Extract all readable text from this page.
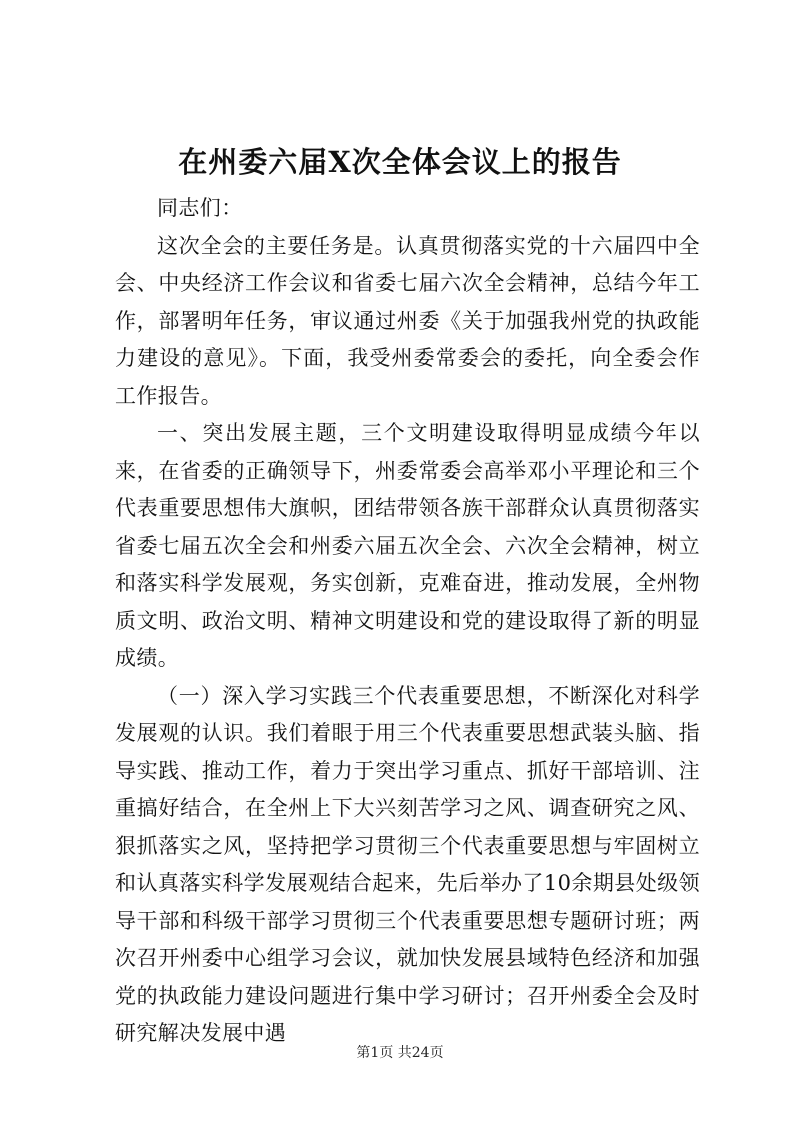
在州委六届X次全体会议上的报告

同志们：

这次全会的主要任务是。认真贯彻落实党的十六届四中全会、中央经济工作会议和省委七届六次全会精神，总结今年工作，部署明年任务，审议通过州委《关于加强我州党的执政能力建设的意见》。下面，我受州委常委会的委托，向全委会作工作报告。

一、突出发展主题，三个文明建设取得明显成绩今年以来，在省委的正确领导下，州委常委会高举邓小平理论和三个代表重要思想伟大旗帜，团结带领各族干部群众认真贯彻落实省委七届五次全会和州委六届五次全会、六次全会精神，树立和落实科学发展观，务实创新，克难奋进，推动发展，全州物质文明、政治文明、精神文明建设和党的建设取得了新的明显成绩。

（一）深入学习实践三个代表重要思想，不断深化对科学发展观的认识。我们着眼于用三个代表重要思想武装头脑、指导实践、推动工作，着力于突出学习重点、抓好干部培训、注重搞好结合，在全州上下大兴刻苦学习之风、调查研究之风、狠抓落实之风，坚持把学习贯彻三个代表重要思想与牢固树立和认真落实科学发展观结合起来，先后举办了10余期县处级领导干部和科级干部学习贯彻三个代表重要思想专题研讨班；两次召开州委中心组学习会议，就加快发展县域特色经济和加强党的执政能力建设问题进行集中学习研讨；召开州委全会及时研究解决发展中遇

第1页 共24页
